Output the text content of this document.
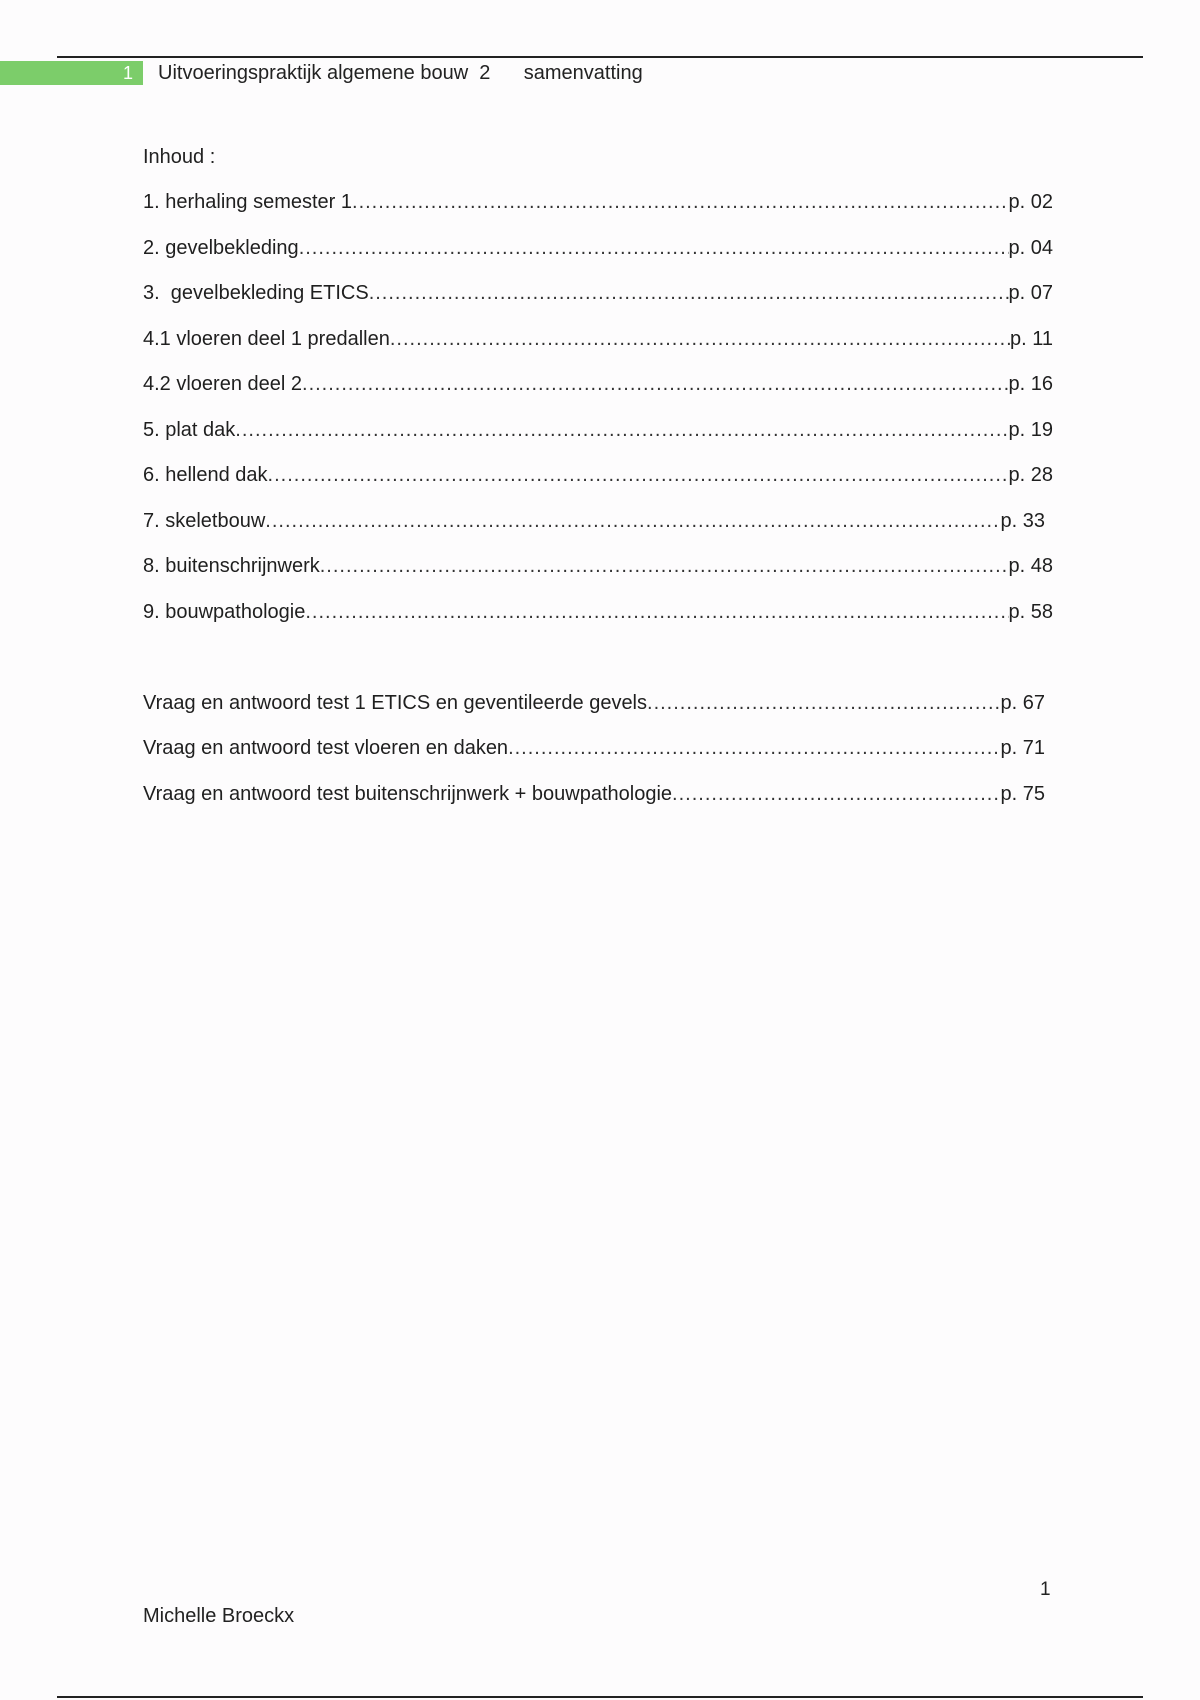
1 Uitvoeringspraktijk algemene bouw  2      samenvatting
Inhoud :
1. herhaling semester 1 .....	p. 02
2. gevelbekleding .....	p. 04
3.  gevelbekleding ETICS .....	p. 07
4.1 vloeren deel 1 predallen .....	p. 11
4.2 vloeren deel 2 .....	p. 16
5. plat dak .....	p. 19
6. hellend dak .....	p. 28
7. skeletbouw .....	p. 33
8. buitenschrijnwerk .....	p. 48
9. bouwpathologie .....	p. 58
Vraag en antwoord test 1 ETICS en geventileerde gevels .....	p. 67
Vraag en antwoord test vloeren en daken .....	p. 71
Vraag en antwoord test buitenschrijnwerk + bouwpathologie .....	p. 75
1
Michelle Broeckx
